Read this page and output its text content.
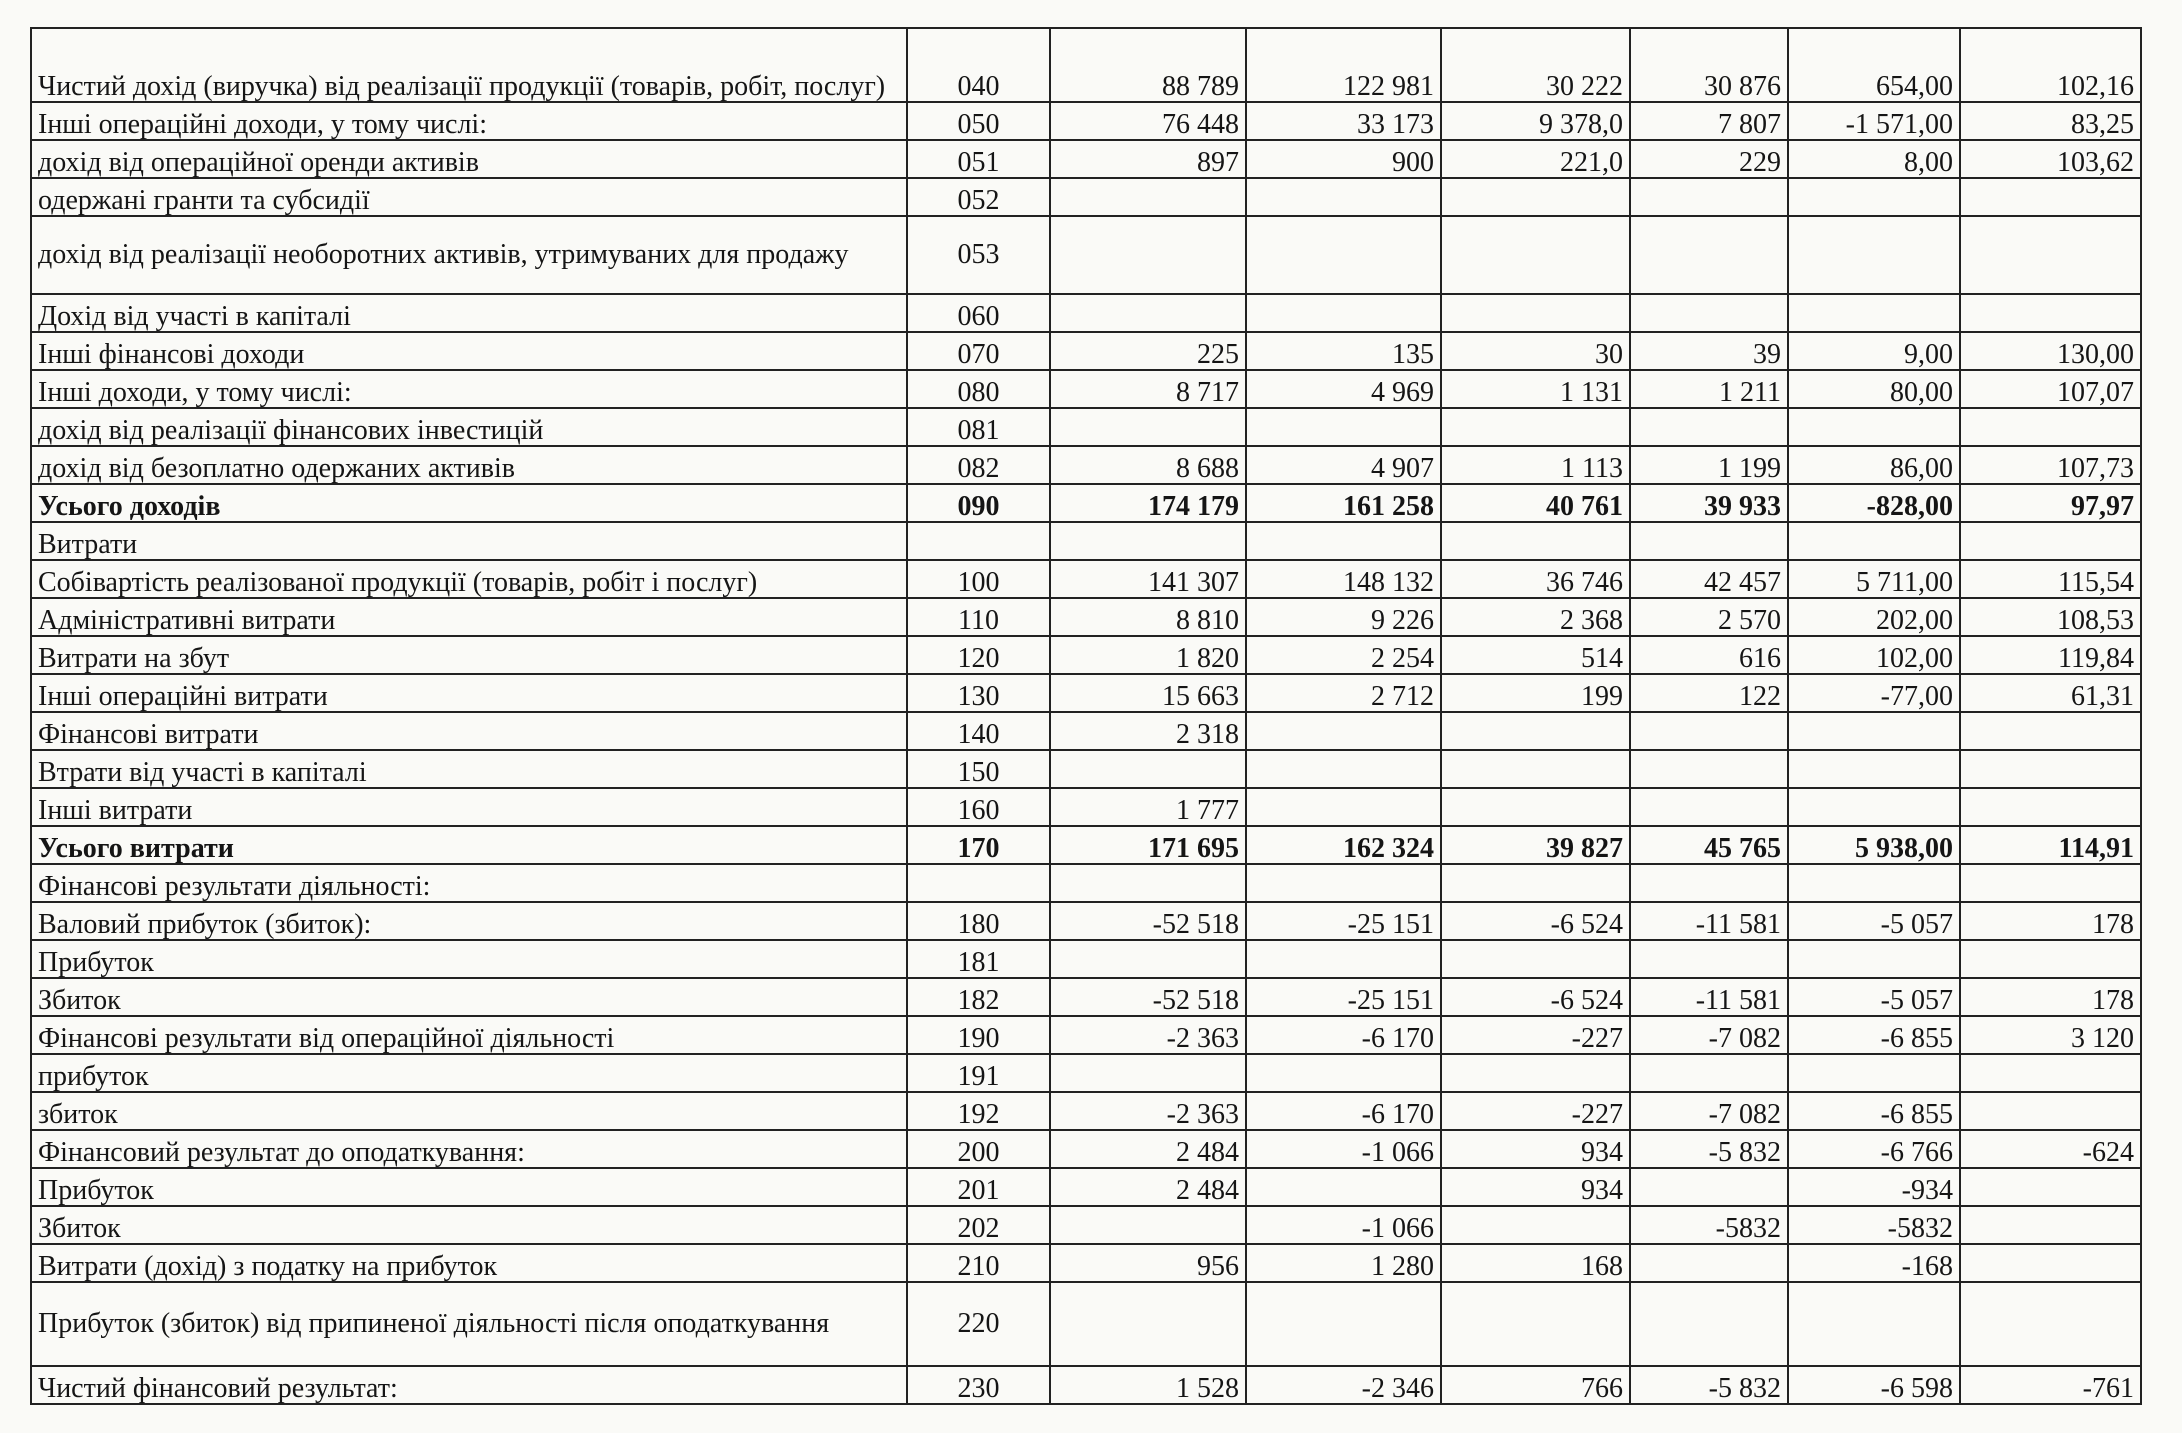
Чистий дохід (виручка) від реалізації продукції (товарів, робіт, послуг)	040	88 789	122 981	30 222	30 876	654,00	102,16
Інші операційні доходи, у тому числі:	050	76 448	33 173	9 378,0	7 807	-1 571,00	83,25
дохід від операційної оренди активів	051	897	900	221,0	229	8,00	103,62
одержані гранти та субсидії	052						
дохід від реалізації необоротних активів, утримуваних для продажу	053						
Дохід від участі в капіталі	060						
Інші фінансові доходи	070	225	135	30	39	9,00	130,00
Інші доходи, у тому числі:	080	8 717	4 969	1 131	1 211	80,00	107,07
дохід від реалізації фінансових інвестицій	081						
дохід від безоплатно одержаних активів	082	8 688	4 907	1 113	1 199	86,00	107,73
Усього доходів	090	174 179	161 258	40 761	39 933	-828,00	97,97
Витрати							
Собівартість реалізованої продукції (товарів, робіт і послуг)	100	141 307	148 132	36 746	42 457	5 711,00	115,54
Адміністративні витрати	110	8 810	9 226	2 368	2 570	202,00	108,53
Витрати на збут	120	1 820	2 254	514	616	102,00	119,84
Інші операційні витрати	130	15 663	2 712	199	122	-77,00	61,31
Фінансові витрати	140	2 318					
Втрати від участі в капіталі	150						
Інші витрати	160	1 777					
Усього витрати	170	171 695	162 324	39 827	45 765	5 938,00	114,91
Фінансові результати діяльності:							
Валовий прибуток (збиток):	180	-52 518	-25 151	-6 524	-11 581	-5 057	178
Прибуток	181						
Збиток	182	-52 518	-25 151	-6 524	-11 581	-5 057	178
Фінансові результати від операційної діяльності	190	-2 363	-6 170	-227	-7 082	-6 855	3 120
прибуток	191						
збиток	192	-2 363	-6 170	-227	-7 082	-6 855	
Фінансовий результат до оподаткування:	200	2 484	-1 066	934	-5 832	-6 766	-624
Прибуток	201	2 484		934		-934	
Збиток	202		-1 066		-5832	-5832	
Витрати (дохід) з податку на прибуток	210	956	1 280	168		-168	
Прибуток (збиток) від припиненої діяльності після оподаткування	220						
Чистий фінансовий результат:	230	1 528	-2 346	766	-5 832	-6 598	-761
